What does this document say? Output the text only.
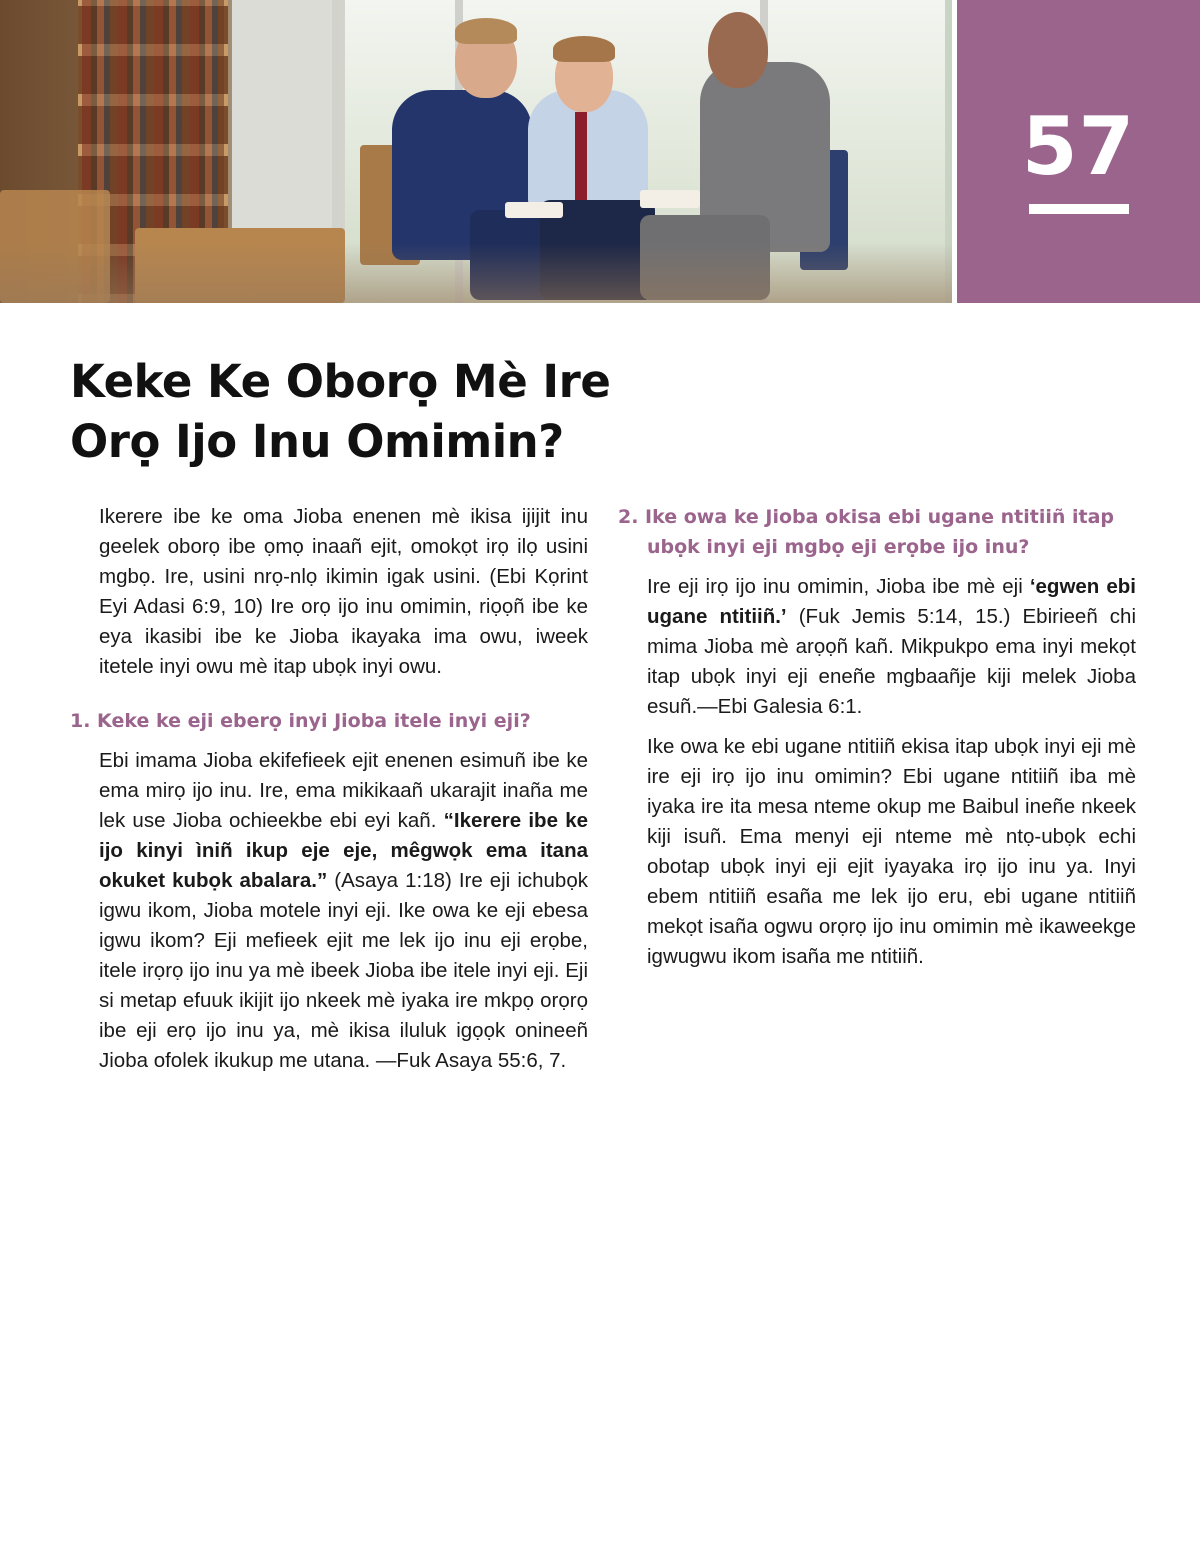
57
Keke Ke Oborọ Mè Ire Orọ Ijo Inu Omimin?

Ikerere ibe ke oma Jioba enenen mè ikisa ijijit inu geelek oborọ ibe ọmọ inaañ ejit, omokọt irọ ilọ usini mgbọ. Ire, usini nrọ-nlọ ikimin igak usini. (Ebi Kọrint Eyi Adasi 6:9, 10) Ire orọ ijo inu omimin, riọọñ ibe ke eya ikasibi ibe ke Jioba ikayaka ima owu, iweek itetele inyi owu mè itap ubọk inyi owu.

1. Keke ke eji eberọ inyi Jioba itele inyi eji?

Ebi imama Jioba ekifefieek ejit enenen esimuñ ibe ke ema mirọ ijo inu. Ire, ema mikikaañ ukarajit inaña me lek use Jioba ochieekbe ebi eyi kañ. “Ikerere ibe ke ijo kinyi ìniñ ikup eje eje, mêgwọk ema itana okuket kubọk abalara.” (Asaya 1:18) Ire eji ichubọk igwu ikom, Jioba motele inyi eji. Ike owa ke eji ebesa igwu ikom? Eji mefieek ejit me lek ijo inu eji erọbe, itele irọrọ ijo inu ya mè ibeek Jioba ibe itele inyi eji. Eji si metap efuuk ikijit ijo nkeek mè iyaka ire mkpọ orọrọ ibe eji erọ ijo inu ya, mè ikisa iluluk igọọk onineeñ Jioba ofolek ikukup me utana. —Fuk Asaya 55:6, 7.

2. Ike owa ke Jioba okisa ebi ugane ntitiiñ itap ubọk inyi eji mgbọ eji erọbe ijo inu?

Ire eji irọ ijo inu omimin, Jioba ibe mè eji ‘egwen ebi ugane ntitiiñ.’ (Fuk Jemis 5:14, 15.) Ebirieeñ chi mima Jioba mè arọọñ kañ. Mikpukpo ema inyi mekọt itap ubọk inyi eji eneñe mgbaañje kiji melek Jioba esuñ.—Ebi Galesia 6:1.

Ike owa ke ebi ugane ntitiiñ ekisa itap ubọk inyi eji mè ire eji irọ ijo inu omimin? Ebi ugane ntitiiñ iba mè iyaka ire ita mesa nteme okup me Baibul ineñe nkeek kiji isuñ. Ema menyi eji nteme mè ntọ-ubọk echi obotap ubọk inyi eji ejit iyayaka irọ ijo inu ya. Inyi ebem ntitiiñ esaña me lek ijo eru, ebi ugane ntitiiñ mekọt isaña ogwu orọrọ ijo inu omimin mè ikaweekge igwugwu ikom isaña me ntitiiñ.
